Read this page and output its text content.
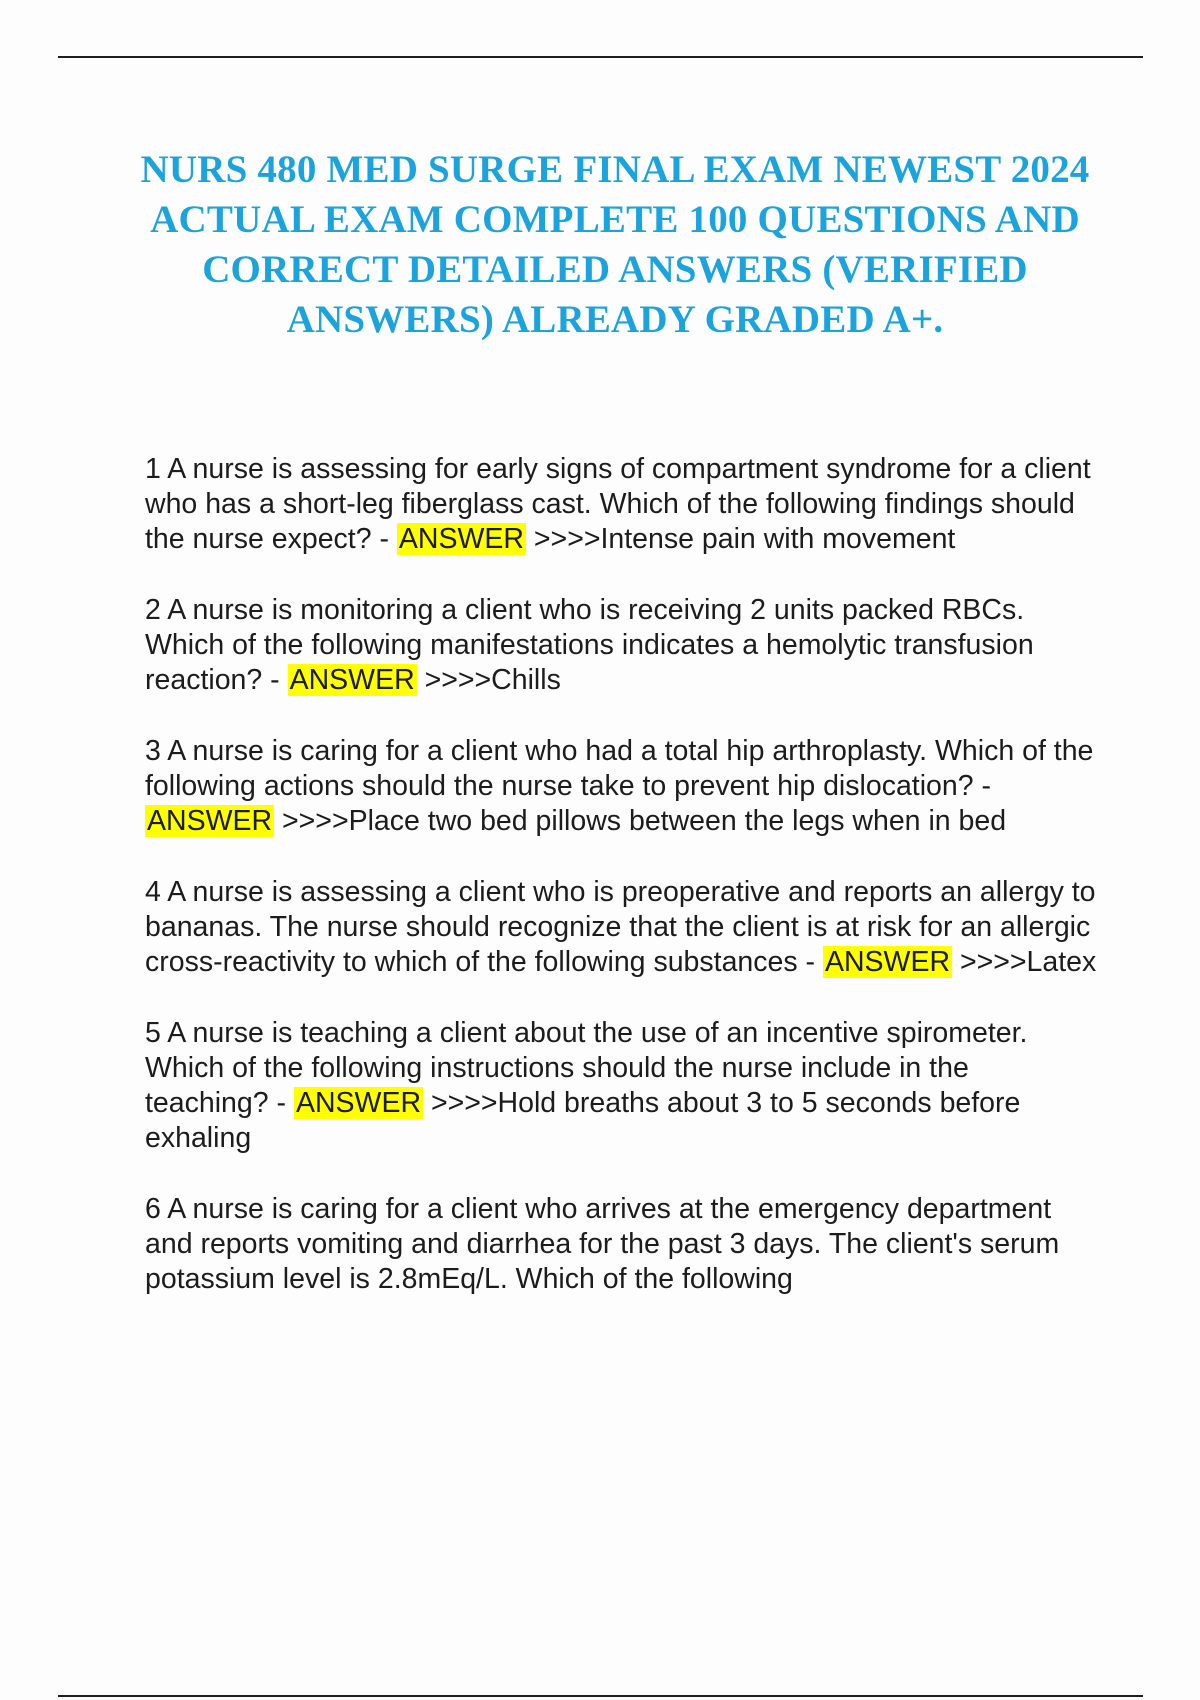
NURS 480 MED SURGE FINAL EXAM NEWEST 2024 ACTUAL EXAM COMPLETE 100 QUESTIONS AND CORRECT DETAILED ANSWERS (VERIFIED ANSWERS) ALREADY GRADED A+.

1 A nurse is assessing for early signs of compartment syndrome for a client who has a short-leg fiberglass cast. Which of the following findings should the nurse expect? - ANSWER >>>>Intense pain with movement

2 A nurse is monitoring a client who is receiving 2 units packed RBCs. Which of the following manifestations indicates a hemolytic transfusion reaction? - ANSWER >>>>Chills

3 A nurse is caring for a client who had a total hip arthroplasty. Which of the following actions should the nurse take to prevent hip dislocation? - ANSWER >>>>Place two bed pillows between the legs when in bed

4 A nurse is assessing a client who is preoperative and reports an allergy to bananas. The nurse should recognize that the client is at risk for an allergic cross-reactivity to which of the following substances - ANSWER >>>>Latex

5 A nurse is teaching a client about the use of an incentive spirometer. Which of the following instructions should the nurse include in the teaching? - ANSWER >>>>Hold breaths about 3 to 5 seconds before exhaling

6 A nurse is caring for a client who arrives at the emergency department and reports vomiting and diarrhea for the past 3 days. The client's serum potassium level is 2.8mEq/L. Which of the following
